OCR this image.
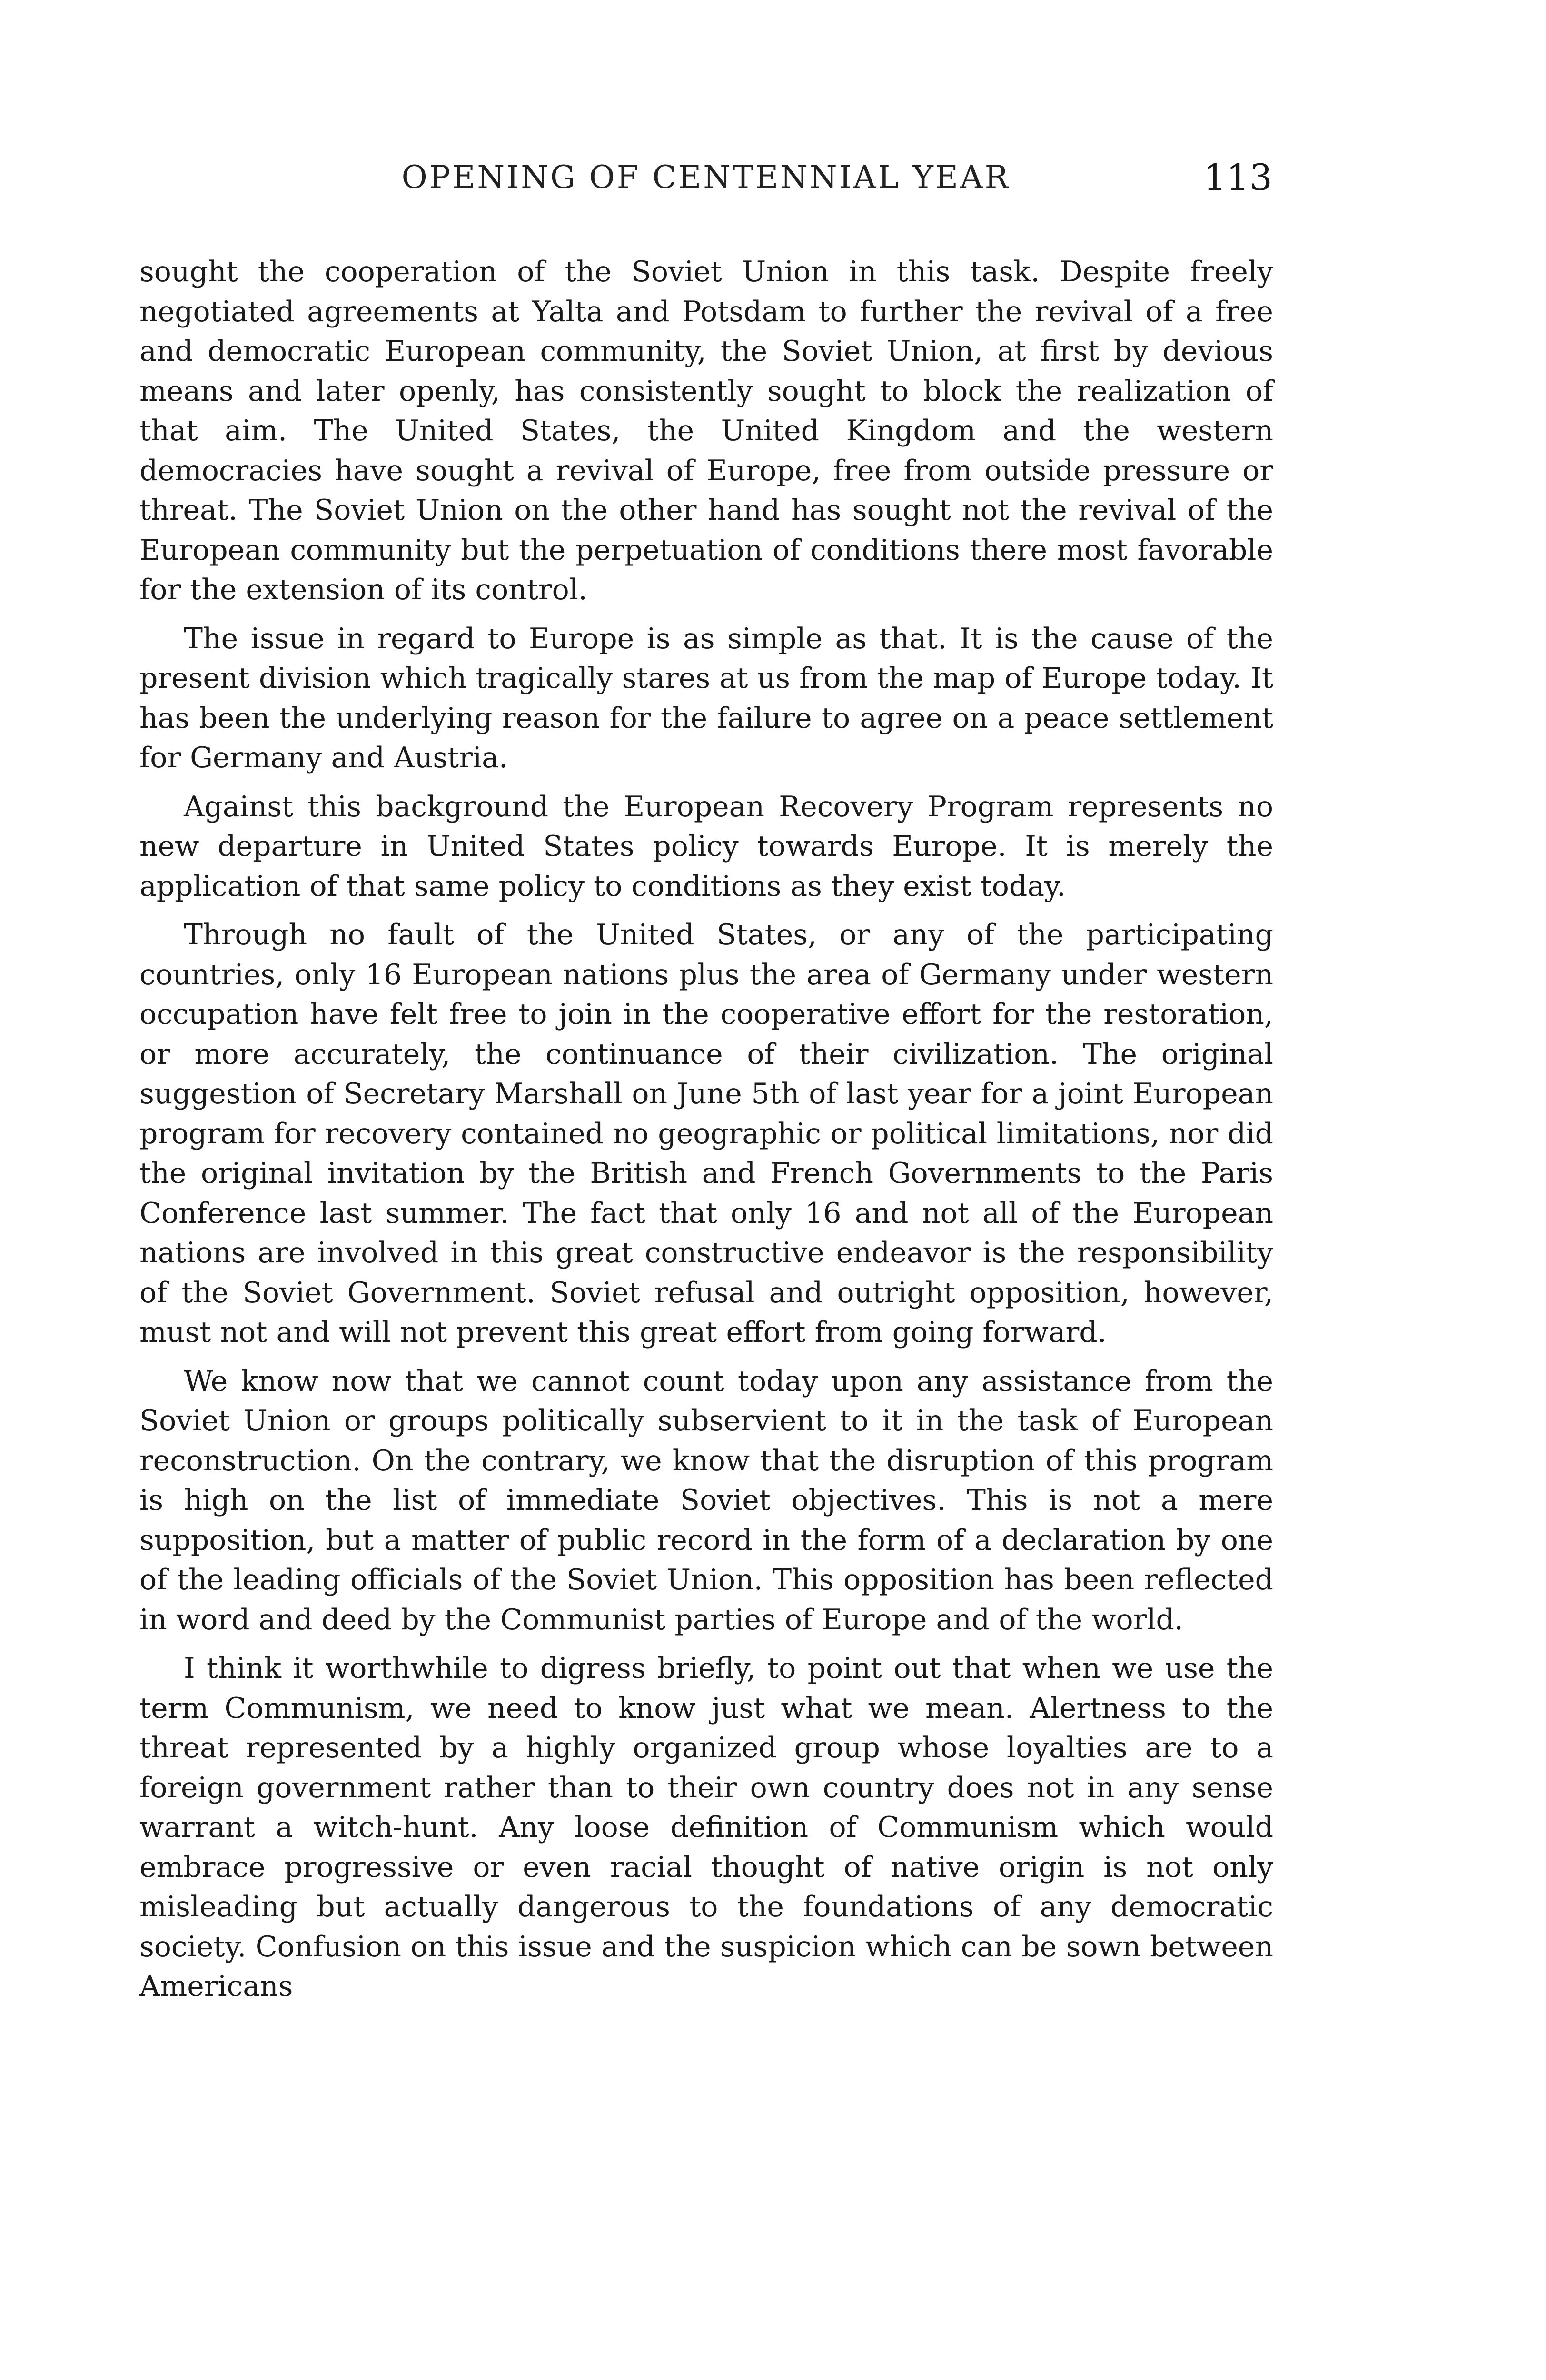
OPENING OF CENTENNIAL YEAR	113

sought the cooperation of the Soviet Union in this task. Despite freely negotiated agreements at Yalta and Potsdam to further the revival of a free and democratic European community, the Soviet Union, at first by devious means and later openly, has consistently sought to block the realization of that aim. The United States, the United Kingdom and the western democracies have sought a revival of Europe, free from outside pressure or threat. The Soviet Union on the other hand has sought not the revival of the European community but the perpetuation of conditions there most favorable for the extension of its control.

The issue in regard to Europe is as simple as that. It is the cause of the present division which tragically stares at us from the map of Europe today. It has been the underlying reason for the failure to agree on a peace settlement for Germany and Austria.

Against this background the European Recovery Program represents no new departure in United States policy towards Europe. It is merely the application of that same policy to conditions as they exist today.

Through no fault of the United States, or any of the participating countries, only 16 European nations plus the area of Germany under western occupation have felt free to join in the cooperative effort for the restoration, or more accurately, the continuance of their civilization. The original suggestion of Secretary Marshall on June 5th of last year for a joint European program for recovery contained no geographic or political limitations, nor did the original invitation by the British and French Governments to the Paris Conference last summer. The fact that only 16 and not all of the European nations are involved in this great constructive endeavor is the responsibility of the Soviet Government. Soviet refusal and outright opposition, however, must not and will not prevent this great effort from going forward.

We know now that we cannot count today upon any assistance from the Soviet Union or groups politically subservient to it in the task of European reconstruction. On the contrary, we know that the disruption of this program is high on the list of immediate Soviet objectives. This is not a mere supposition, but a matter of public record in the form of a declaration by one of the leading officials of the Soviet Union. This opposition has been reflected in word and deed by the Communist parties of Europe and of the world.

I think it worthwhile to digress briefly, to point out that when we use the term Communism, we need to know just what we mean. Alertness to the threat represented by a highly organized group whose loyalties are to a foreign government rather than to their own country does not in any sense warrant a witch-hunt. Any loose definition of Communism which would embrace progressive or even racial thought of native origin is not only misleading but actually dangerous to the foundations of any democratic society. Confusion on this issue and the suspicion which can be sown between Americans
